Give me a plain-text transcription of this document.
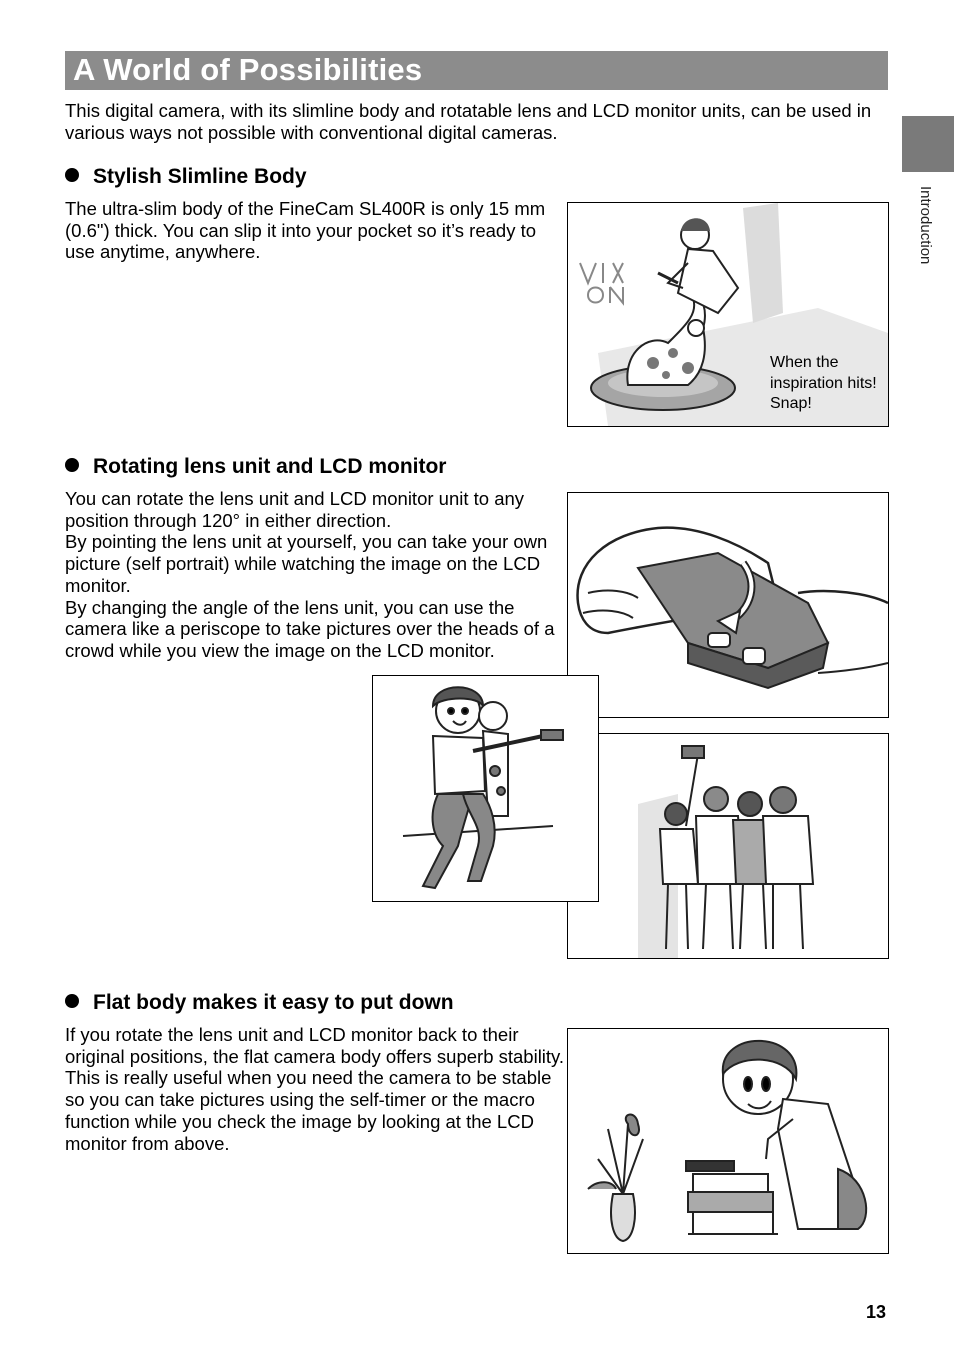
A World of Possibilities
Introduction
This digital camera, with its slimline body and rotatable lens and LCD monitor units, can be used in various ways not possible with conventional digital cameras.
Stylish Slimline Body

The ultra-slim body of the FineCam SL400R is only 15 mm (0.6") thick. You can slip it into your pocket so it’s ready to use anytime, anywhere.

When the inspiration hits! Snap!
Rotating lens unit and LCD monitor

You can rotate the lens unit and LCD monitor unit to any position through 120° in either direction.

By pointing the lens unit at yourself, you can take your own picture (self portrait) while watching the image on the LCD monitor.

By changing the angle of the lens unit, you can use the camera like a periscope to take pictures over the heads of a crowd while you view the image on the LCD monitor.

Flat body makes it easy to put down

If you rotate the lens unit and LCD monitor back to their original positions, the flat camera body offers superb stability.

This is really useful when you need the camera to be stable so you can take pictures using the self-timer or the macro function while you check the image by looking at the LCD monitor from above.

13
